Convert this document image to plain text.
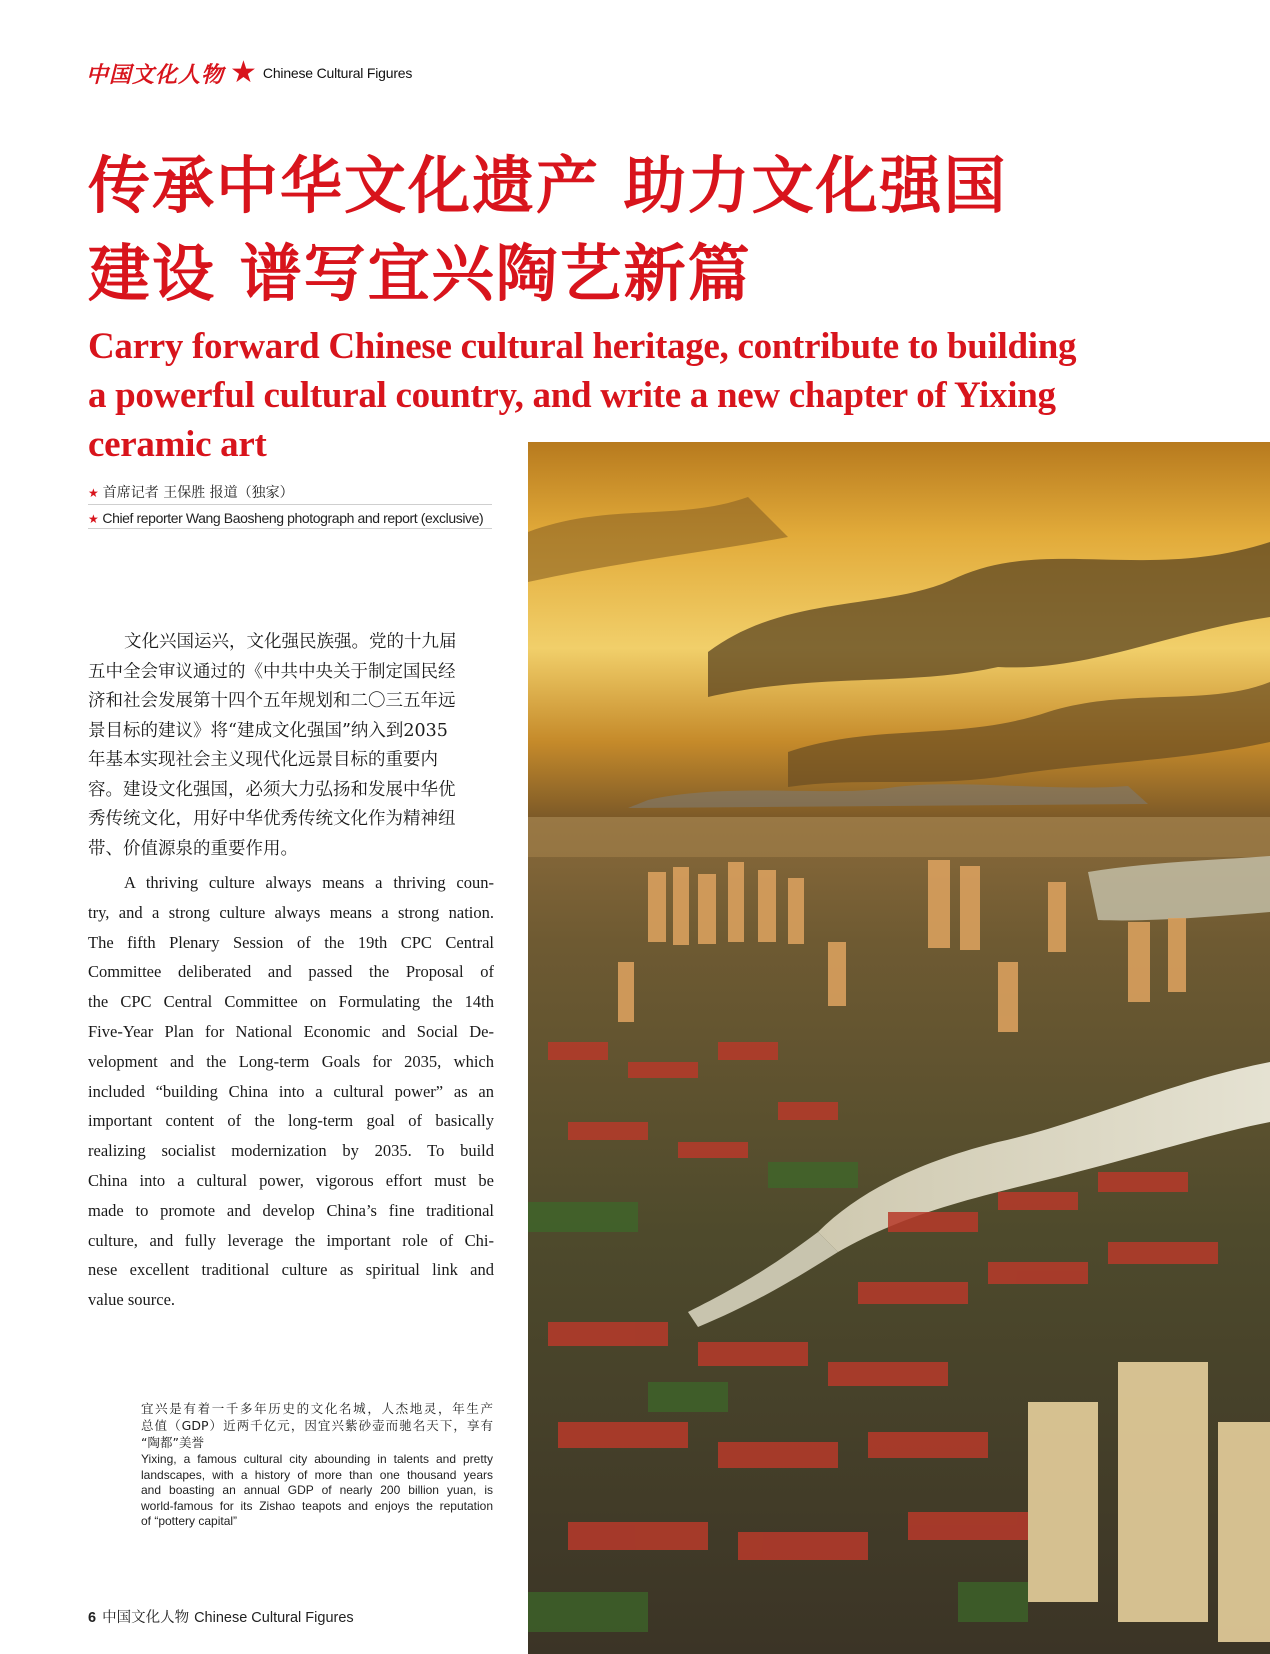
中国文化人物 ★ Chinese Cultural Figures
传承中华文化遗产 助力文化强国
建设 谱写宜兴陶艺新篇
Carry forward Chinese cultural heritage, contribute to building
a powerful cultural country, and write a new chapter of Yixing
ceramic art
★ 首席记者 王保胜 报道（独家）
★ Chief reporter Wang Baosheng photograph and report (exclusive)
文化兴国运兴，文化强民族强。党的十九届
五中全会审议通过的《中共中央关于制定国民经
济和社会发展第十四个五年规划和二〇三五年远
景目标的建议》将“建成文化强国”纳入到2035
年基本实现社会主义现代化远景目标的重要内
容。建设文化强国，必须大力弘扬和发展中华优
秀传统文化，用好中华优秀传统文化作为精神纽
带、价值源泉的重要作用。
A thriving culture always means a thriving coun-
try, and a strong culture always means a strong nation.
The fifth Plenary Session of the 19th CPC Central
Committee deliberated and passed the Proposal of
the CPC Central Committee on Formulating the 14th
Five-Year Plan for National Economic and Social De-
velopment and the Long-term Goals for 2035, which
included “building China into a cultural power” as an
important content of the long-term goal of basically
realizing socialist modernization by 2035. To build
China into a cultural power, vigorous effort must be
made to promote and develop China’s fine traditional
culture, and fully leverage the important role of Chi-
nese excellent traditional culture as spiritual link and
value source.
宜兴是有着一千多年历史的文化名城，人杰地灵，年生产
总值（GDP）近两千亿元，因宜兴紫砂壶而驰名天下，享有
“陶都”美誉
Yixing, a famous cultural city abounding in talents and pretty
landscapes, with a history of more than one thousand years
and boasting an annual GDP of nearly 200 billion yuan, is
world-famous for its Zishao teapots and enjoys the reputation
of “pottery capital”
6 中国文化人物 Chinese Cultural Figures
